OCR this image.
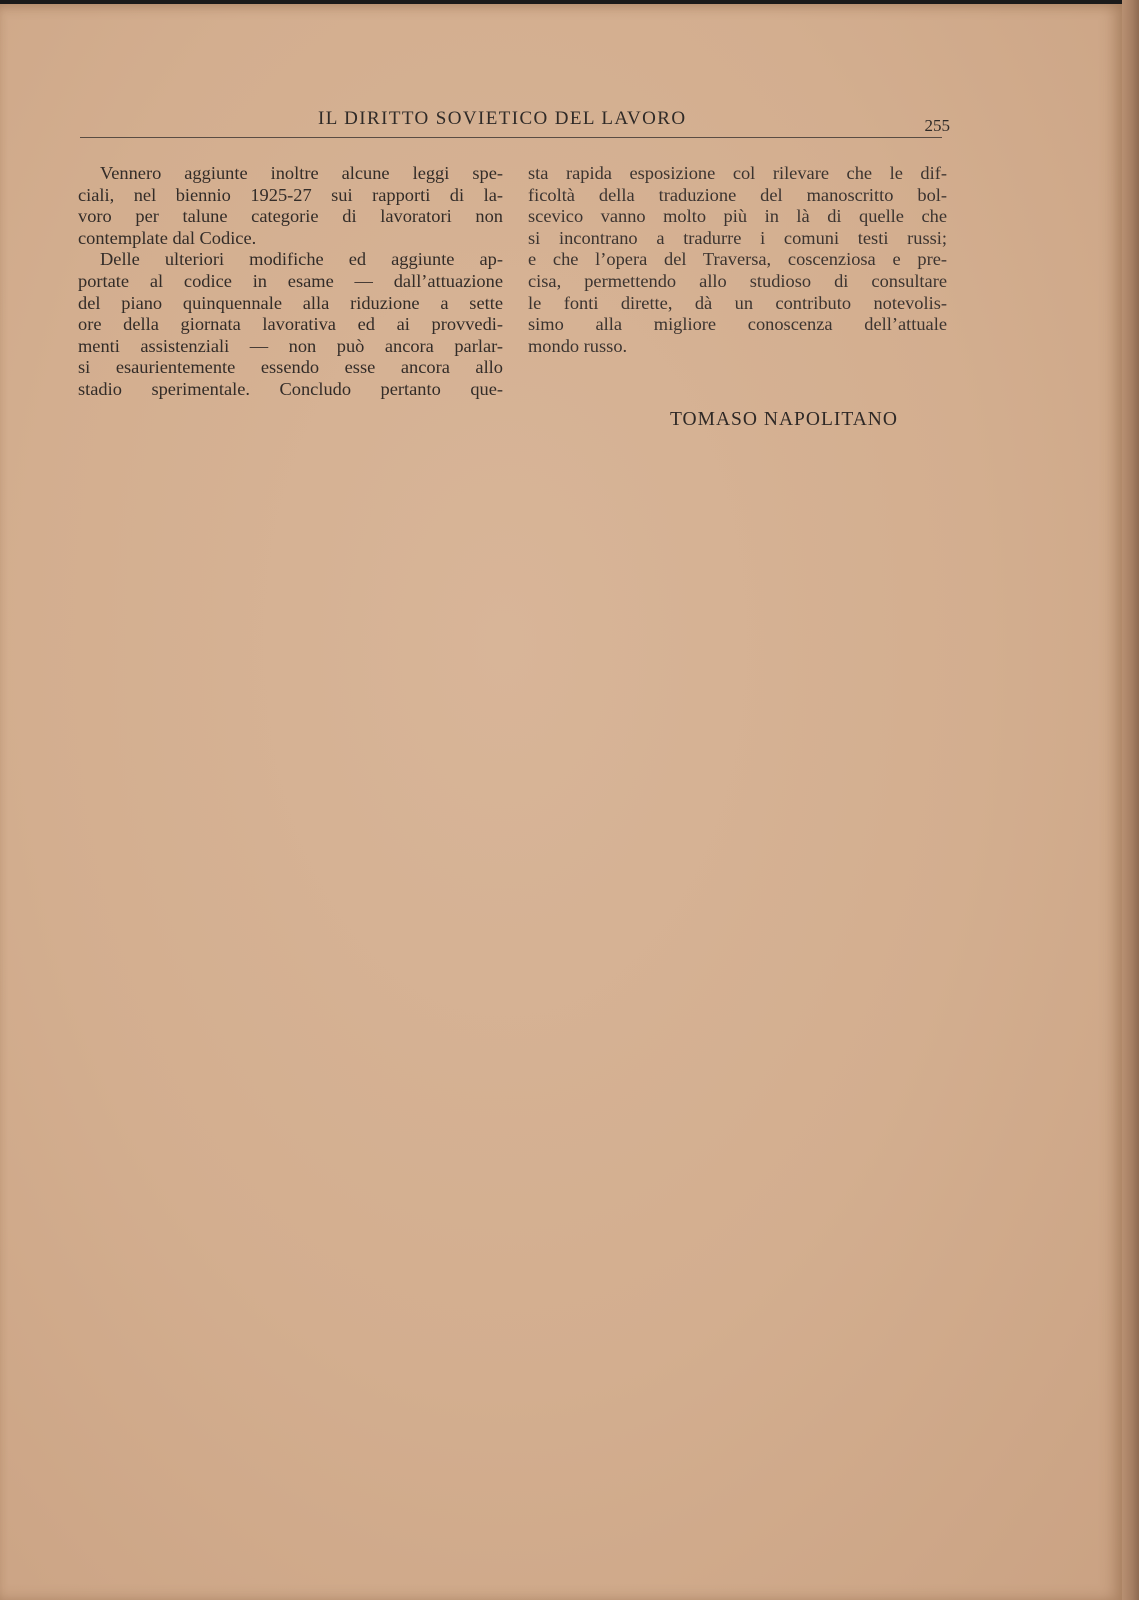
IL DIRITTO SOVIETICO DEL LAVORO	255

Vennero aggiunte inoltre alcune leggi spe-
ciali, nel biennio 1925-27 sui rapporti di la-
voro per talune categorie di lavoratori non
contemplate dal Codice.

Delle ulteriori modifiche ed aggiunte ap-
portate al codice in esame — dall’attuazione
del piano quinquennale alla riduzione a sette
ore della giornata lavorativa ed ai provvedi-
menti assistenziali — non può ancora parlar-
si esaurientemente essendo esse ancora allo
stadio sperimentale. Concludo pertanto que-

sta rapida esposizione col rilevare che le dif-
ficoltà della traduzione del manoscritto bol-
scevico vanno molto più in là di quelle che
si incontrano a tradurre i comuni testi russi;
e che l’opera del Traversa, coscenziosa e pre-
cisa, permettendo allo studioso di consultare
le fonti dirette, dà un contributo notevolis-
simo alla migliore conoscenza dell’attuale
mondo russo.

TOMASO NAPOLITANO
